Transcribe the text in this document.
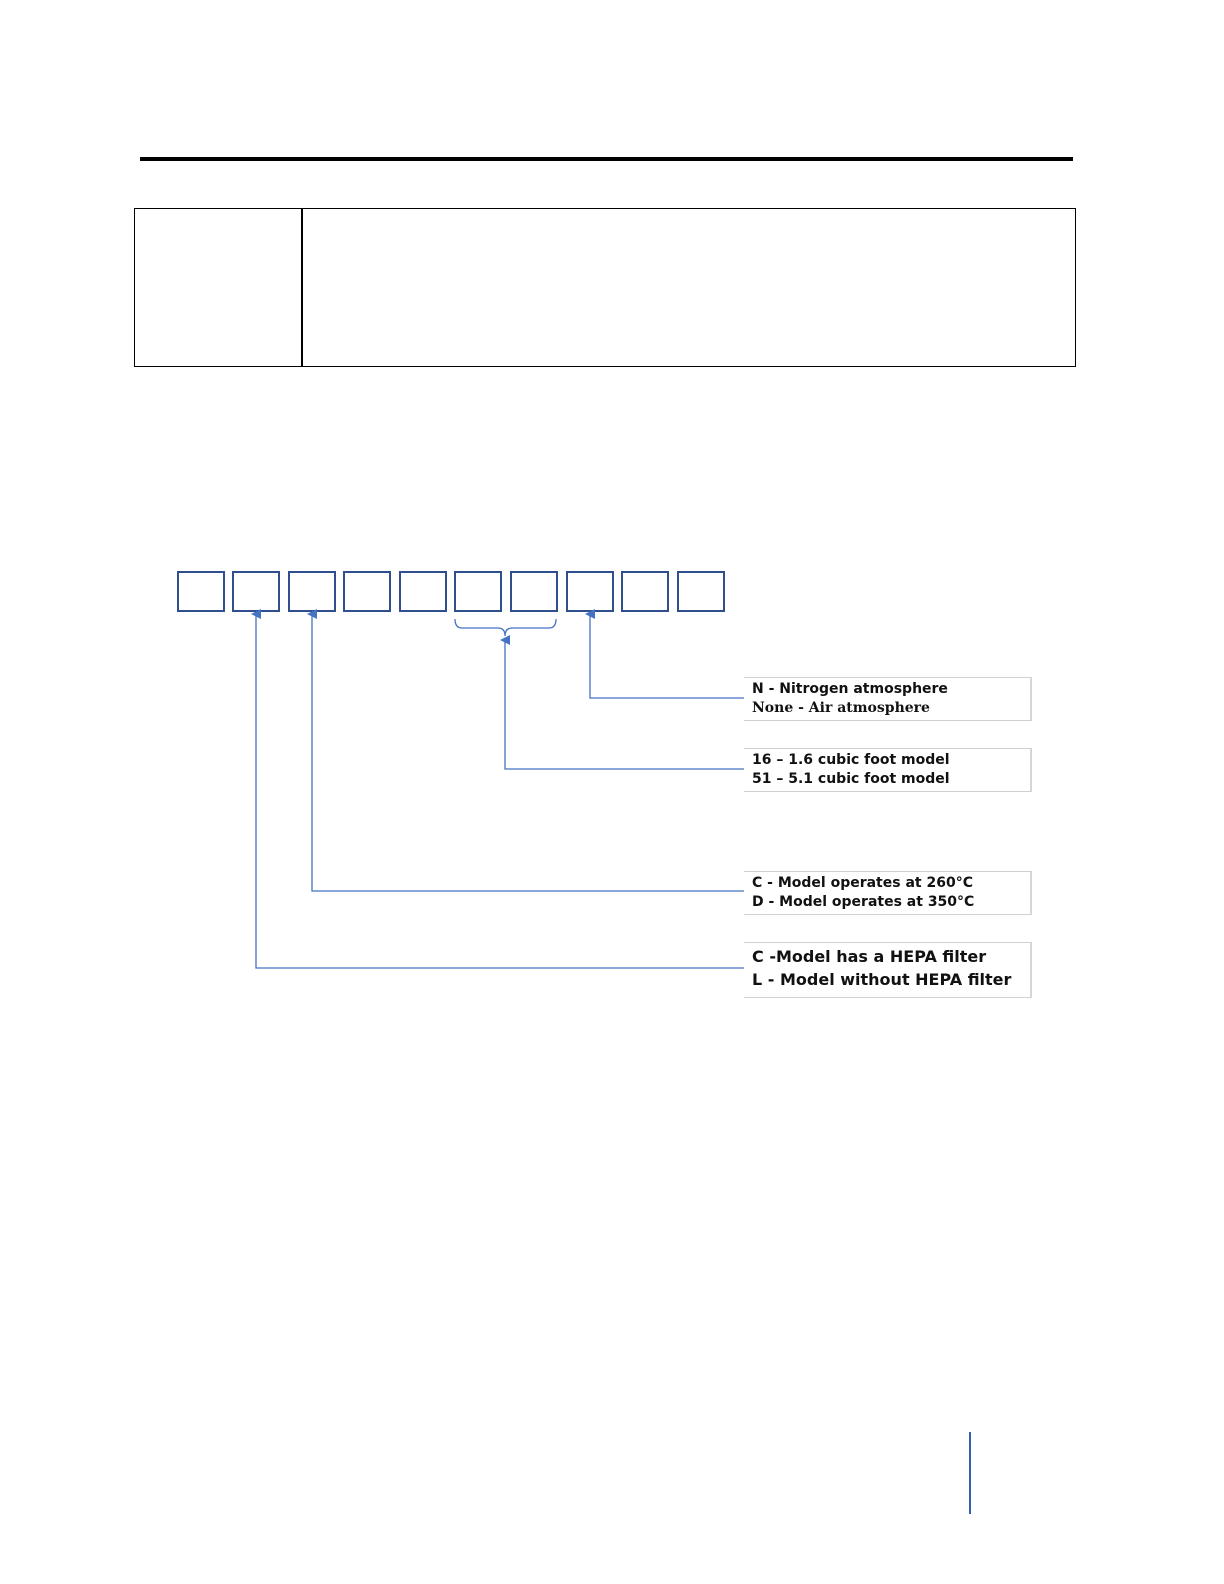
N - Nitrogen atmosphere
None - Air atmosphere
16 – 1.6 cubic foot model
51 – 5.1 cubic foot model
C - Model operates at 260°C
D - Model operates at 350°C
C -Model has a HEPA filter
L - Model without HEPA filter
